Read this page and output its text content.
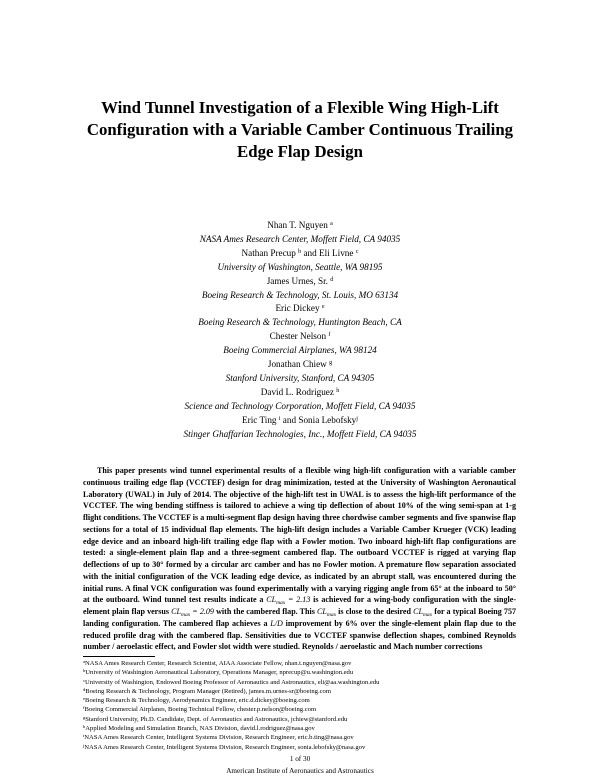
Wind Tunnel Investigation of a Flexible Wing High-Lift Configuration with a Variable Camber Continuous Trailing Edge Flap Design
Nhan T. Nguyen $^a$
NASA Ames Research Center, Moffett Field, CA 94035
Nathan Precup $^b$ and Eli Livne $^c$
University of Washington, Seattle, WA 98195
James Urnes, Sr. $^d$
Boeing Research & Technology, St. Louis, MO 63134
Eric Dickey $^e$
Boeing Research & Technology, Huntington Beach, CA
Chester Nelson $^f$
Boeing Commercial Airplanes, WA 98124
Jonathan Chiew $^g$
Stanford University, Stanford, CA 94305
David L. Rodriguez $^h$
Science and Technology Corporation, Moffett Field, CA 94035
Eric Ting $^i$ and Sonia Lebofsky$^j$
Stinger Ghaffarian Technologies, Inc., Moffett Field, CA 94035
This paper presents wind tunnel experimental results of a flexible wing high-lift configuration with a variable camber continuous trailing edge flap (VCCTEF) design for drag minimization, tested at the University of Washington Aeronautical Laboratory (UWAL) in July of 2014. The objective of the high-lift test in UWAL is to assess the high-lift performance of the VCCTEF. The wing bending stiffness is tailored to achieve a wing tip deflection of about 10% of the wing semi-span at 1-g flight conditions. The VCCTEF is a multi-segment flap design having three chordwise camber segments and five spanwise flap sections for a total of 15 individual flap elements. The high-lift design includes a Variable Camber Krueger (VCK) leading edge device and an inboard high-lift trailing edge flap with a Fowler motion. Two inboard high-lift flap configurations are tested: a single-element plain flap and a three-segment cambered flap. The outboard VCCTEF is rigged at varying flap deflections of up to 30° formed by a circular arc camber and has no Fowler motion. A premature flow separation associated with the initial configuration of the VCK leading edge device, as indicated by an abrupt stall, was encountered during the initial runs. A final VCK configuration was found experimentally with a varying rigging angle from 65° at the inboard to 50° at the outboard. Wind tunnel test results indicate a $CL_{max} = 2.13$ is achieved for a wing-body configuration with the single-element plain flap versus $CL_{max} = 2.09$ with the cambered flap. This $CL_{max}$ is close to the desired $CL_{max}$ for a typical Boeing 757 landing configuration. The cambered flap achieves a L/D improvement by 6% over the single-element plain flap due to the reduced profile drag with the cambered flap. Sensitivities due to VCCTEF spanwise deflection shapes, combined Reynolds number / aeroelastic effect, and Fowler slot width were studied. Reynolds / aeroelastic and Mach number corrections
$^a$NASA Ames Research Center, Research Scientist, AIAA Associate Fellow, nhan.t.nguyen@nasa.gov
$^b$University of Washington Aeronautical Laboratory, Operations Manager, nprecup@u.washington.edu
$^c$University of Washington, Endowed Boeing Professor of Aeronautics and Astronautics, eli@aa.washington.edu
$^d$Boeing Research & Technology, Program Manager (Retired), james.m.urnes-sr@boeing.com
$^e$Boeing Research & Technology, Aerodynamics Engineer, eric.d.dickey@boeing.com
$^f$Boeing Commercial Airplanes, Boeing Technical Fellow, chester.p.nelson@boeing.com
$^g$Stanford University, Ph.D. Candidate, Dept. of Aeronautics and Astronautics, jchiew@stanford.edu
$^h$Applied Modeling and Simulation Branch, NAS Division, david.l.rodriguez@nasa.gov
$^i$NASA Ames Research Center, Intelligent Systems Division, Research Engineer, eric.b.ting@nasa.gov
$^j$NASA Ames Research Center, Intelligent Systems Division, Research Engineer, sonia.lebofsky@nasa.gov
1 of 30
American Institute of Aeronautics and Astronautics
